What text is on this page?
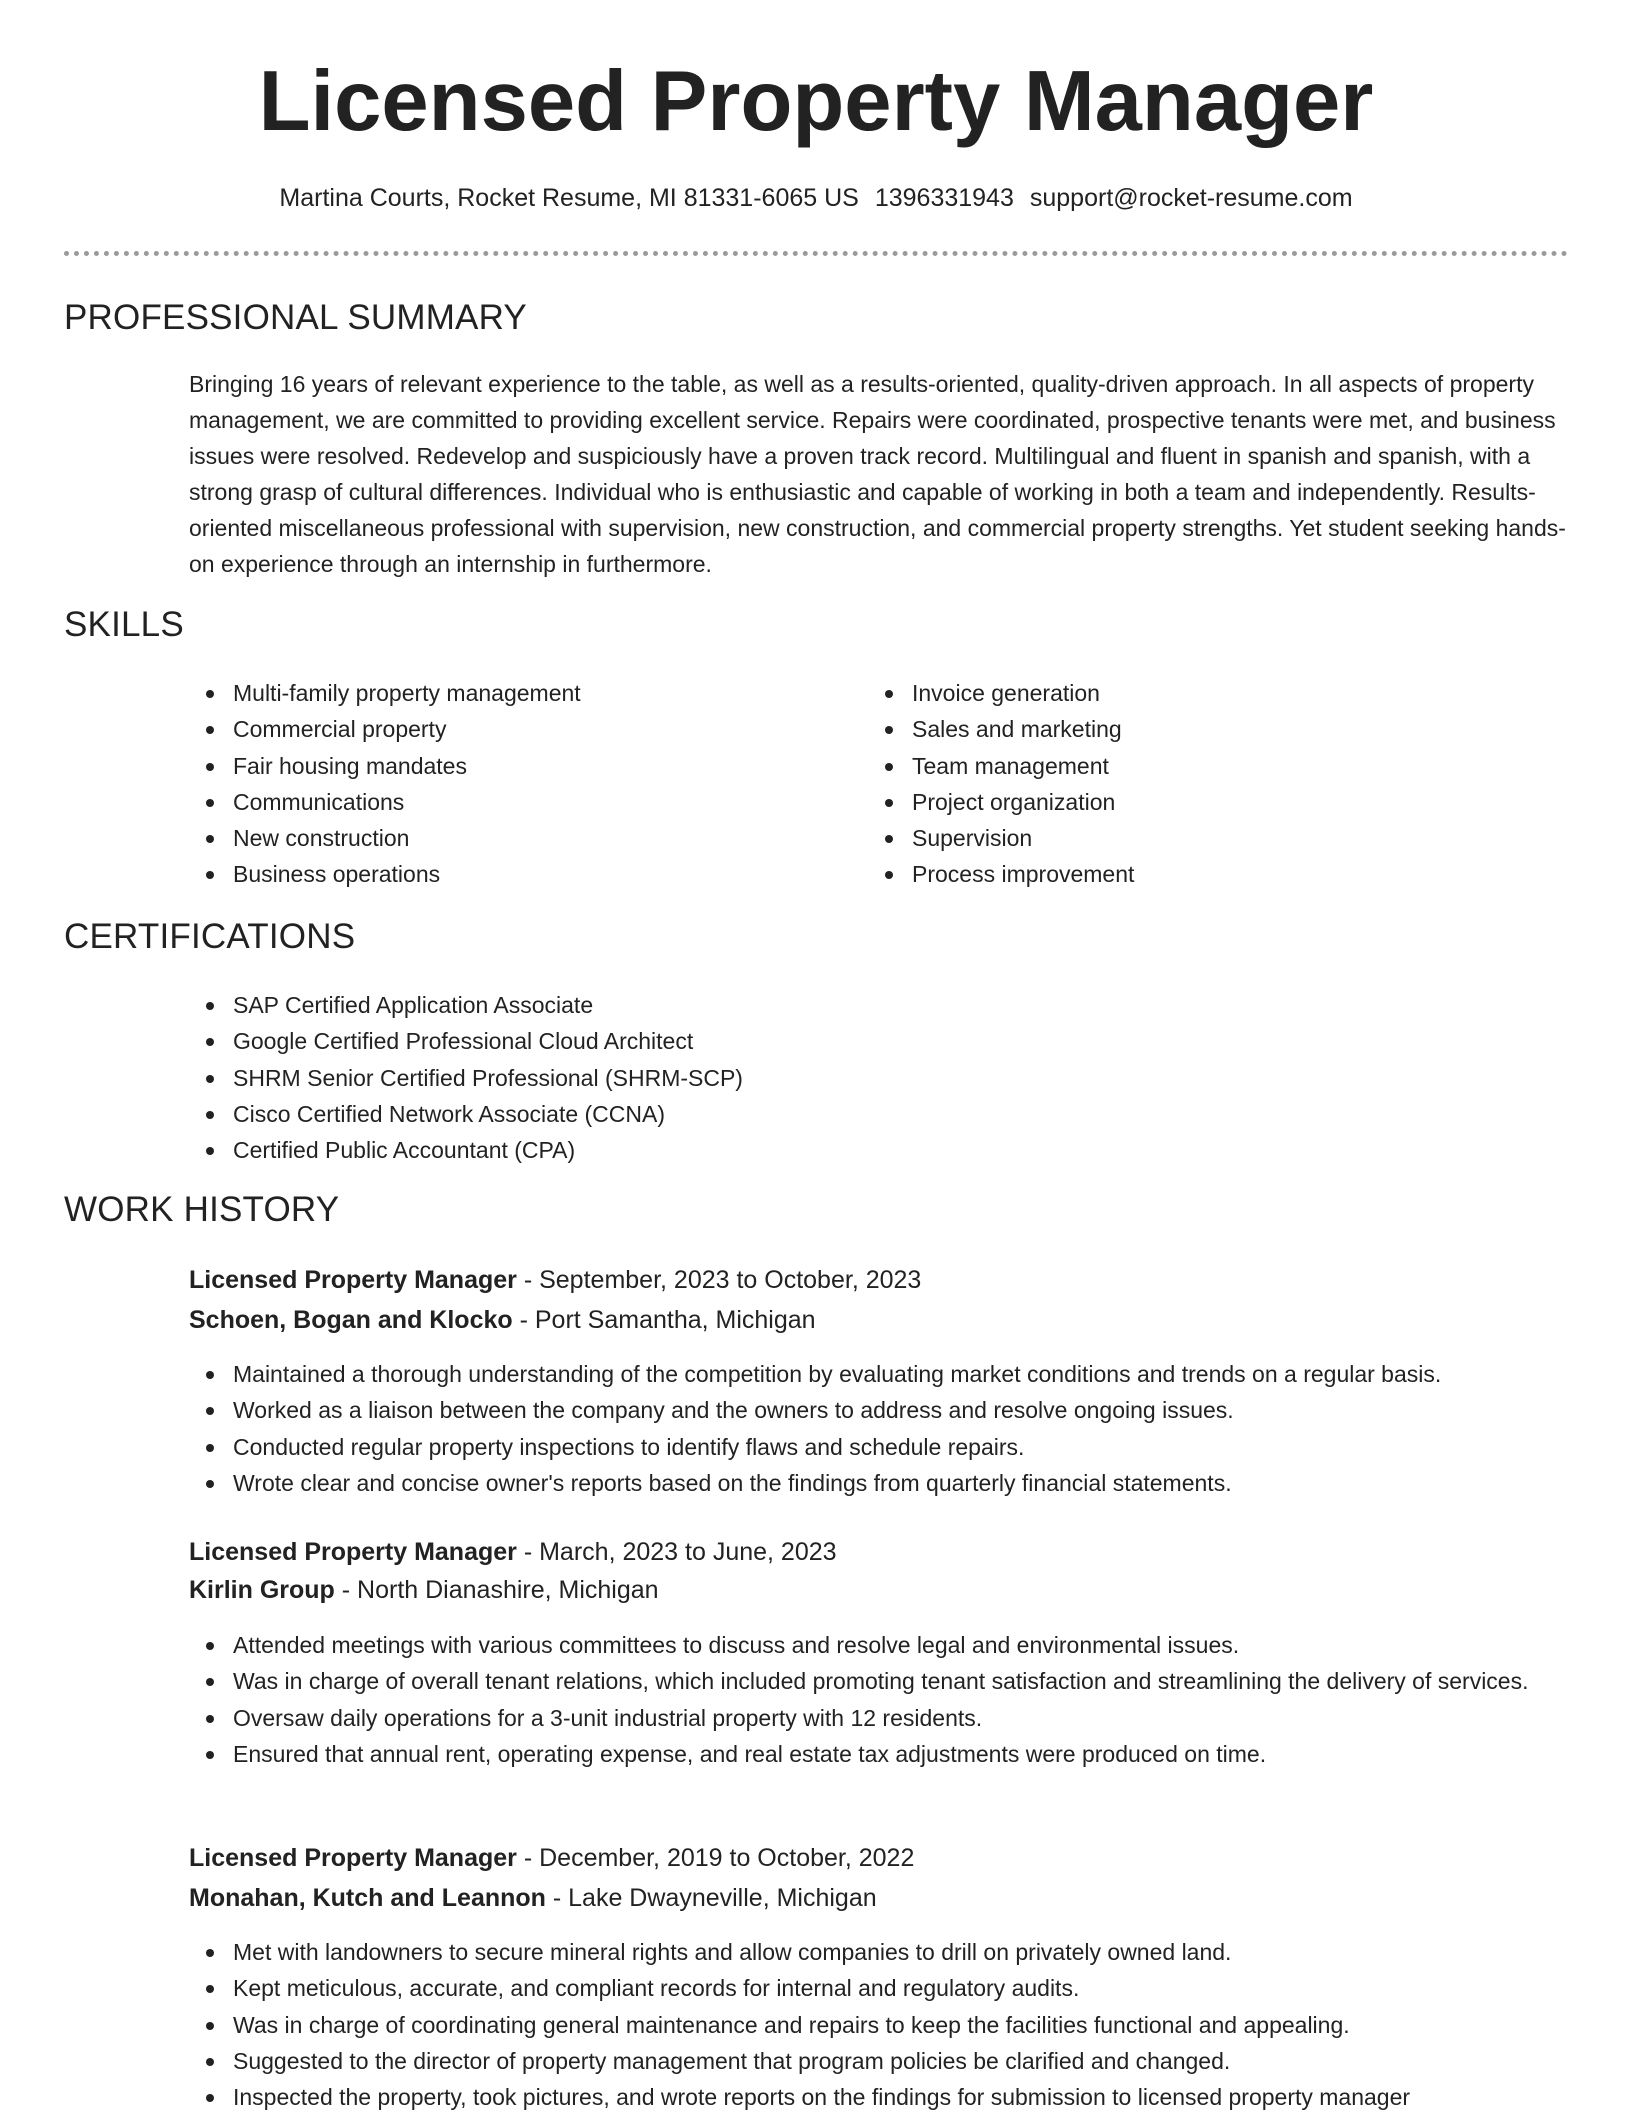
Licensed Property Manager
Martina Courts, Rocket Resume, MI 81331-6065 US 1396331943 support@rocket-resume.com
PROFESSIONAL SUMMARY

Bringing 16 years of relevant experience to the table, as well as a results-oriented, quality-driven approach. In all aspects of property management, we are committed to providing excellent service. Repairs were coordinated, prospective tenants were met, and business issues were resolved. Redevelop and suspiciously have a proven track record. Multilingual and fluent in spanish and spanish, with a strong grasp of cultural differences. Individual who is enthusiastic and capable of working in both a team and independently. Results-oriented miscellaneous professional with supervision, new construction, and commercial property strengths. Yet student seeking hands-on experience through an internship in furthermore.

SKILLS
Multi-family property management
Commercial property
Fair housing mandates
Communications
New construction
Business operations
Invoice generation
Sales and marketing
Team management
Project organization
Supervision
Process improvement
CERTIFICATIONS
SAP Certified Application Associate
Google Certified Professional Cloud Architect
SHRM Senior Certified Professional (SHRM-SCP)
Cisco Certified Network Associate (CCNA)
Certified Public Accountant (CPA)
WORK HISTORY
Licensed Property Manager - September, 2023 to October, 2023
Schoen, Bogan and Klocko - Port Samantha, Michigan
Maintained a thorough understanding of the competition by evaluating market conditions and trends on a regular basis.
Worked as a liaison between the company and the owners to address and resolve ongoing issues.
Conducted regular property inspections to identify flaws and schedule repairs.
Wrote clear and concise owner's reports based on the findings from quarterly financial statements.
Licensed Property Manager - March, 2023 to June, 2023
Kirlin Group - North Dianashire, Michigan
Attended meetings with various committees to discuss and resolve legal and environmental issues.
Was in charge of overall tenant relations, which included promoting tenant satisfaction and streamlining the delivery of services.
Oversaw daily operations for a 3-unit industrial property with 12 residents.
Ensured that annual rent, operating expense, and real estate tax adjustments were produced on time.
Licensed Property Manager - December, 2019 to October, 2022
Monahan, Kutch and Leannon - Lake Dwayneville, Michigan
Met with landowners to secure mineral rights and allow companies to drill on privately owned land.
Kept meticulous, accurate, and compliant records for internal and regulatory audits.
Was in charge of coordinating general maintenance and repairs to keep the facilities functional and appealing.
Suggested to the director of property management that program policies be clarified and changed.
Inspected the property, took pictures, and wrote reports on the findings for submission to licensed property manager
